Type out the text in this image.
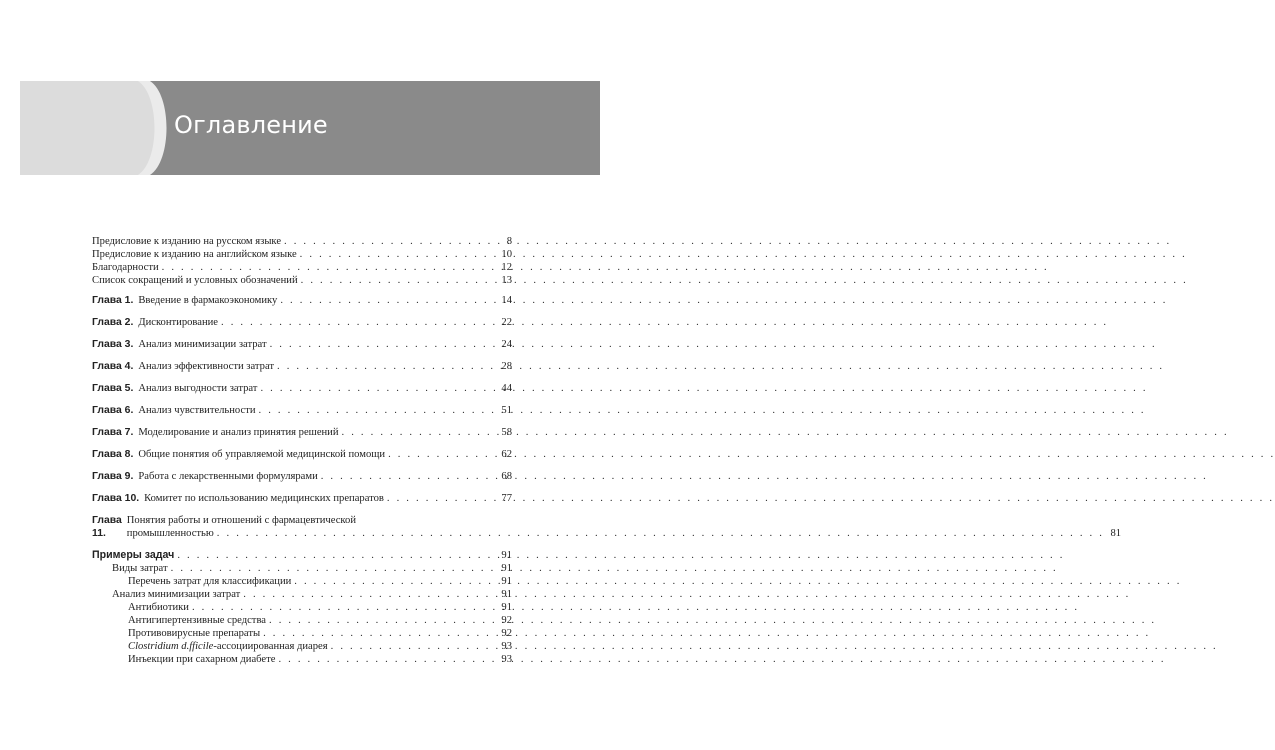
Оглавление
Предисловие к изданию на русском языке . . .	8
Предисловие к изданию на английском языке . . .	10
Благодарности . . .	12
Список сокращений и условных обозначений . . .	13
Глава 1. Введение в фармакоэкономику . . .	14
Глава 2. Дисконтирование . . .	22
Глава 3. Анализ минимизации затрат . . .	24
Глава 4. Анализ эффективности затрат . . .	28
Глава 5. Анализ выгодности затрат . . .	44
Глава 6. Анализ чувствительности . . .	51
Глава 7. Моделирование и анализ принятия решений . . .	58
Глава 8. Общие понятия об управляемой медицинской помощи . . .	62
Глава 9. Работа с лекарственными формулярами . . .	68
Глава 10. Комитет по использованию медицинских препаратов . . .	77
Глава 11.
Понятия работы и отношений с фармацевтической
промышленностью . . .	81
Примеры задач . . .	91
Виды затрат . . .	91
Перечень затрат для классификации . . .	91
Анализ минимизации затрат . . .	91
Антибиотики . . .	91
Антигипертензивные средства . . .	92
Противовирусные препараты . . .	92
Clostridium d.fficile-ассоциированная диарея . . .	93
Инъекции при сахарном диабете . . .	93
